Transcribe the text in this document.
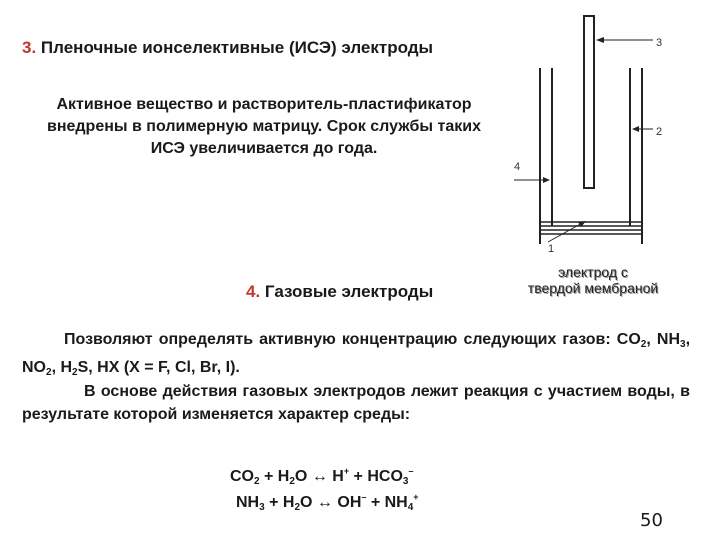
3. Пленочные ионселективные (ИСЭ) электроды
Активное вещество и растворитель-пластификатор внедрены в полимерную матрицу. Срок службы таких ИСЭ увеличивается до года.
3
2
4
1
электрод с
твердой мембраной
4. Газовые электроды
Позволяют определять активную концентрацию следующих газов: $CO_2$, $NH_3$, $NO_2$, $H_2S$, HX (X = F, Cl, Br, I).
В основе действия газовых электродов лежит реакция с участием воды, в результате которой изменяется характер среды:
$CO_2 + H_2O$ ↔ $H^+ + HCO_3^-$
$NH_3 + H_2O$ ↔ $OH^- + NH_4^+$
50
